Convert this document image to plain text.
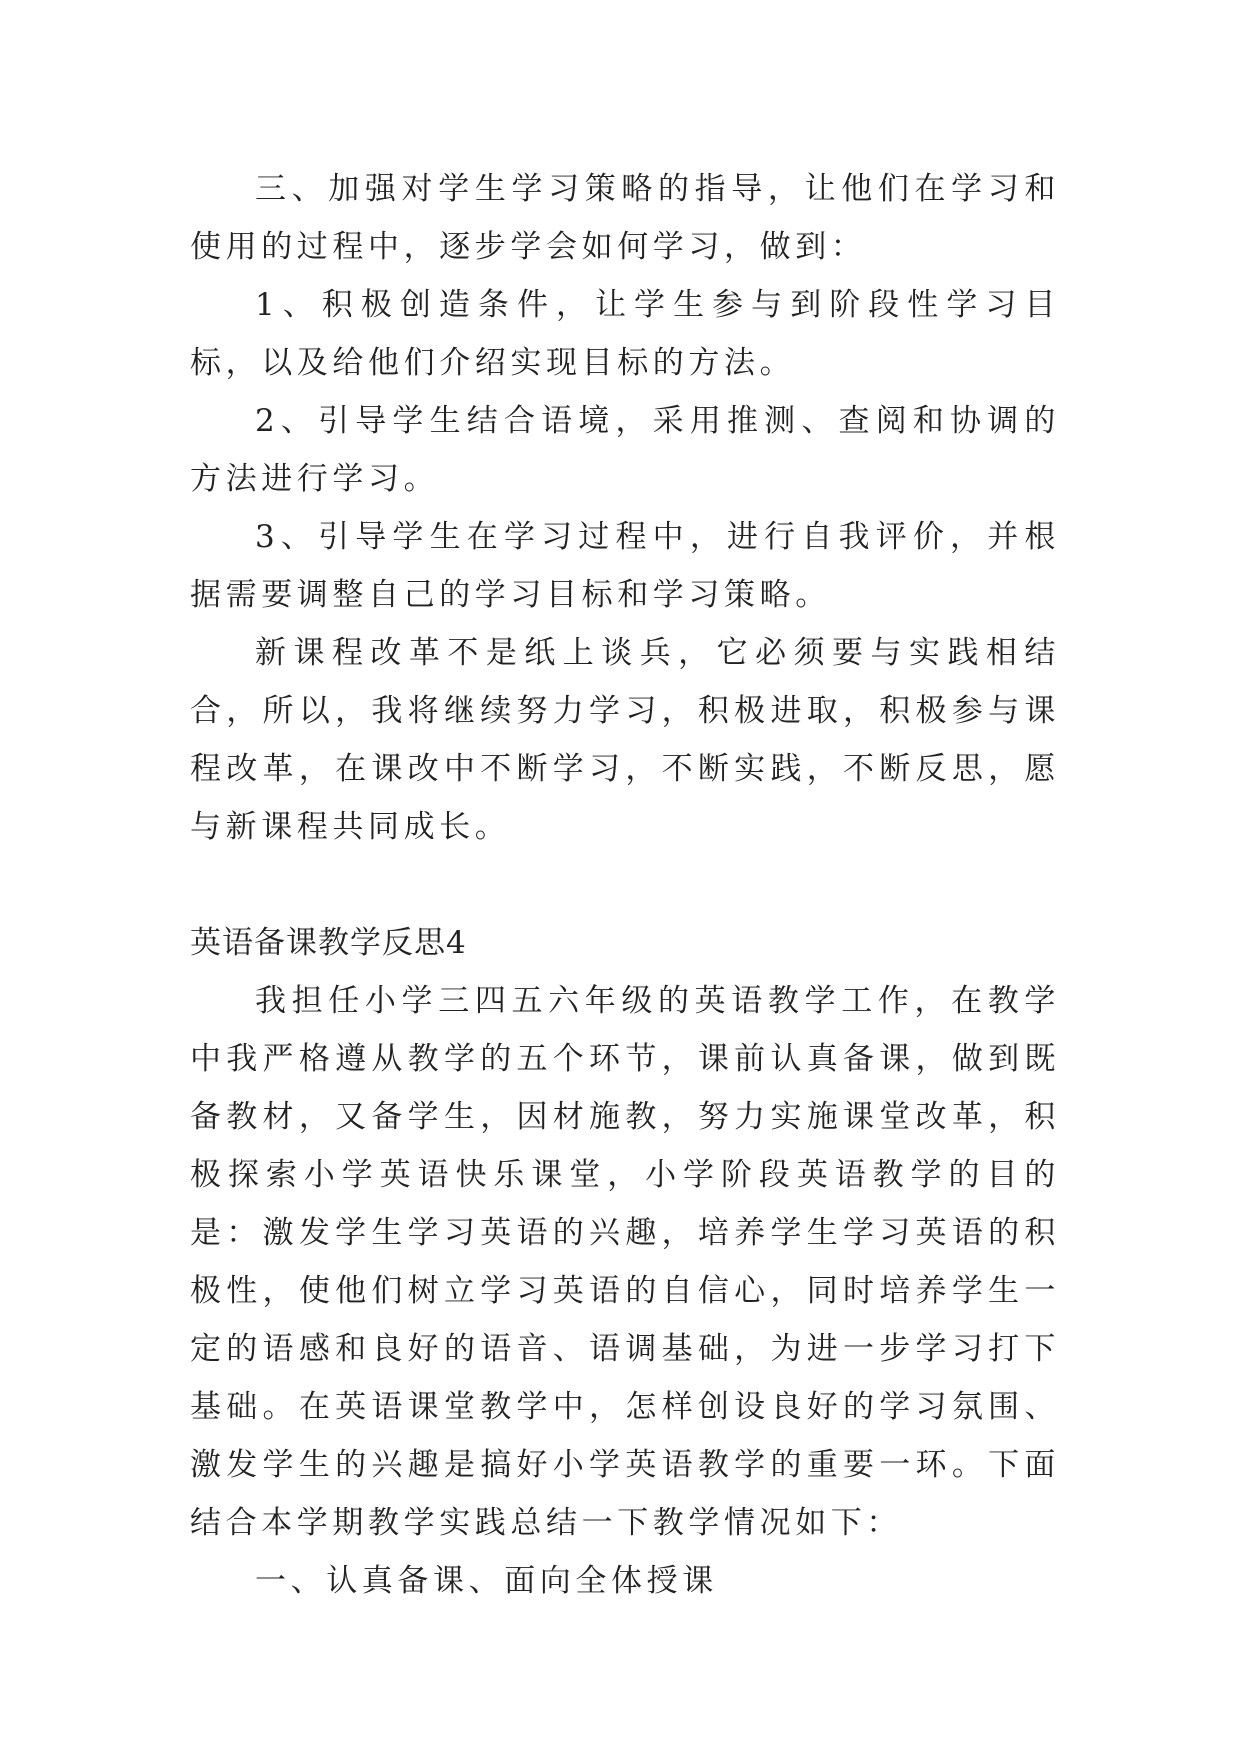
三、加强对学生学习策略的指导，让他们在学习和使用的过程中，逐步学会如何学习，做到：

1、积极创造条件，让学生参与到阶段性学习目标，以及给他们介绍实现目标的方法。

2、引导学生结合语境，采用推测、查阅和协调的方法进行学习。

3、引导学生在学习过程中，进行自我评价，并根据需要调整自己的学习目标和学习策略。

新课程改革不是纸上谈兵，它必须要与实践相结合，所以，我将继续努力学习，积极进取，积极参与课程改革，在课改中不断学习，不断实践，不断反思，愿与新课程共同成长。

英语备课教学反思4

我担任小学三四五六年级的英语教学工作，在教学中我严格遵从教学的五个环节，课前认真备课，做到既备教材，又备学生，因材施教，努力实施课堂改革，积极探索小学英语快乐课堂，小学阶段英语教学的目的是：激发学生学习英语的兴趣，培养学生学习英语的积极性，使他们树立学习英语的自信心，同时培养学生一定的语感和良好的语音、语调基础，为进一步学习打下基础。在英语课堂教学中，怎样创设良好的学习氛围、激发学生的兴趣是搞好小学英语教学的重要一环。下面结合本学期教学实践总结一下教学情况如下：

一、认真备课、面向全体授课
